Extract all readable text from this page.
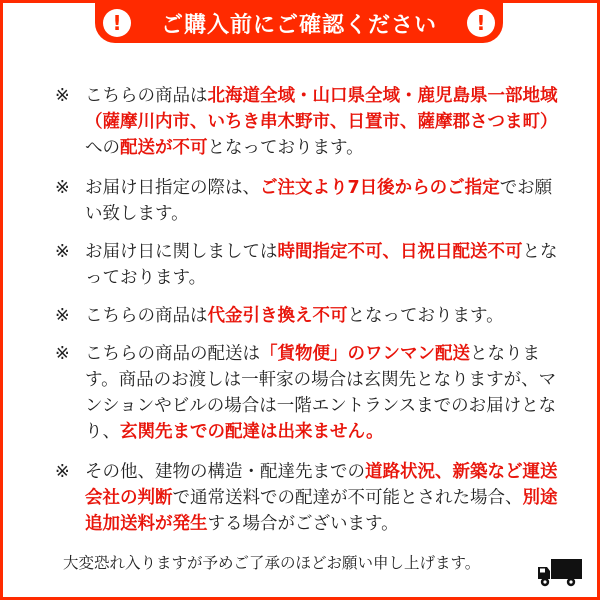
!	ご購入前にご確認ください	!
※ こちらの商品は北海道全域・山口県全域・鹿児島県一部地域（薩摩川内市、いちき串木野市、日置市、薩摩郡さつま町）への配送が不可となっております。
※ お届け日指定の際は、ご注文より7日後からのご指定でお願い致します。
※ お届け日に関しましては時間指定不可、日祝日配送不可となっております。
※ こちらの商品は代金引き換え不可となっております。
※ こちらの商品の配送は「貨物便」のワンマン配送となります。商品のお渡しは一軒家の場合は玄関先となりますが、マンションやビルの場合は一階エントランスまでのお届けとなり、玄関先までの配達は出来ません。
※ その他、建物の構造・配達先までの道路状況、新築など運送会社の判断で通常送料での配達が不可能とされた場合、別途追加送料が発生する場合がございます。
大変恐れ入りますが予めご了承のほどお願い申し上げます。
